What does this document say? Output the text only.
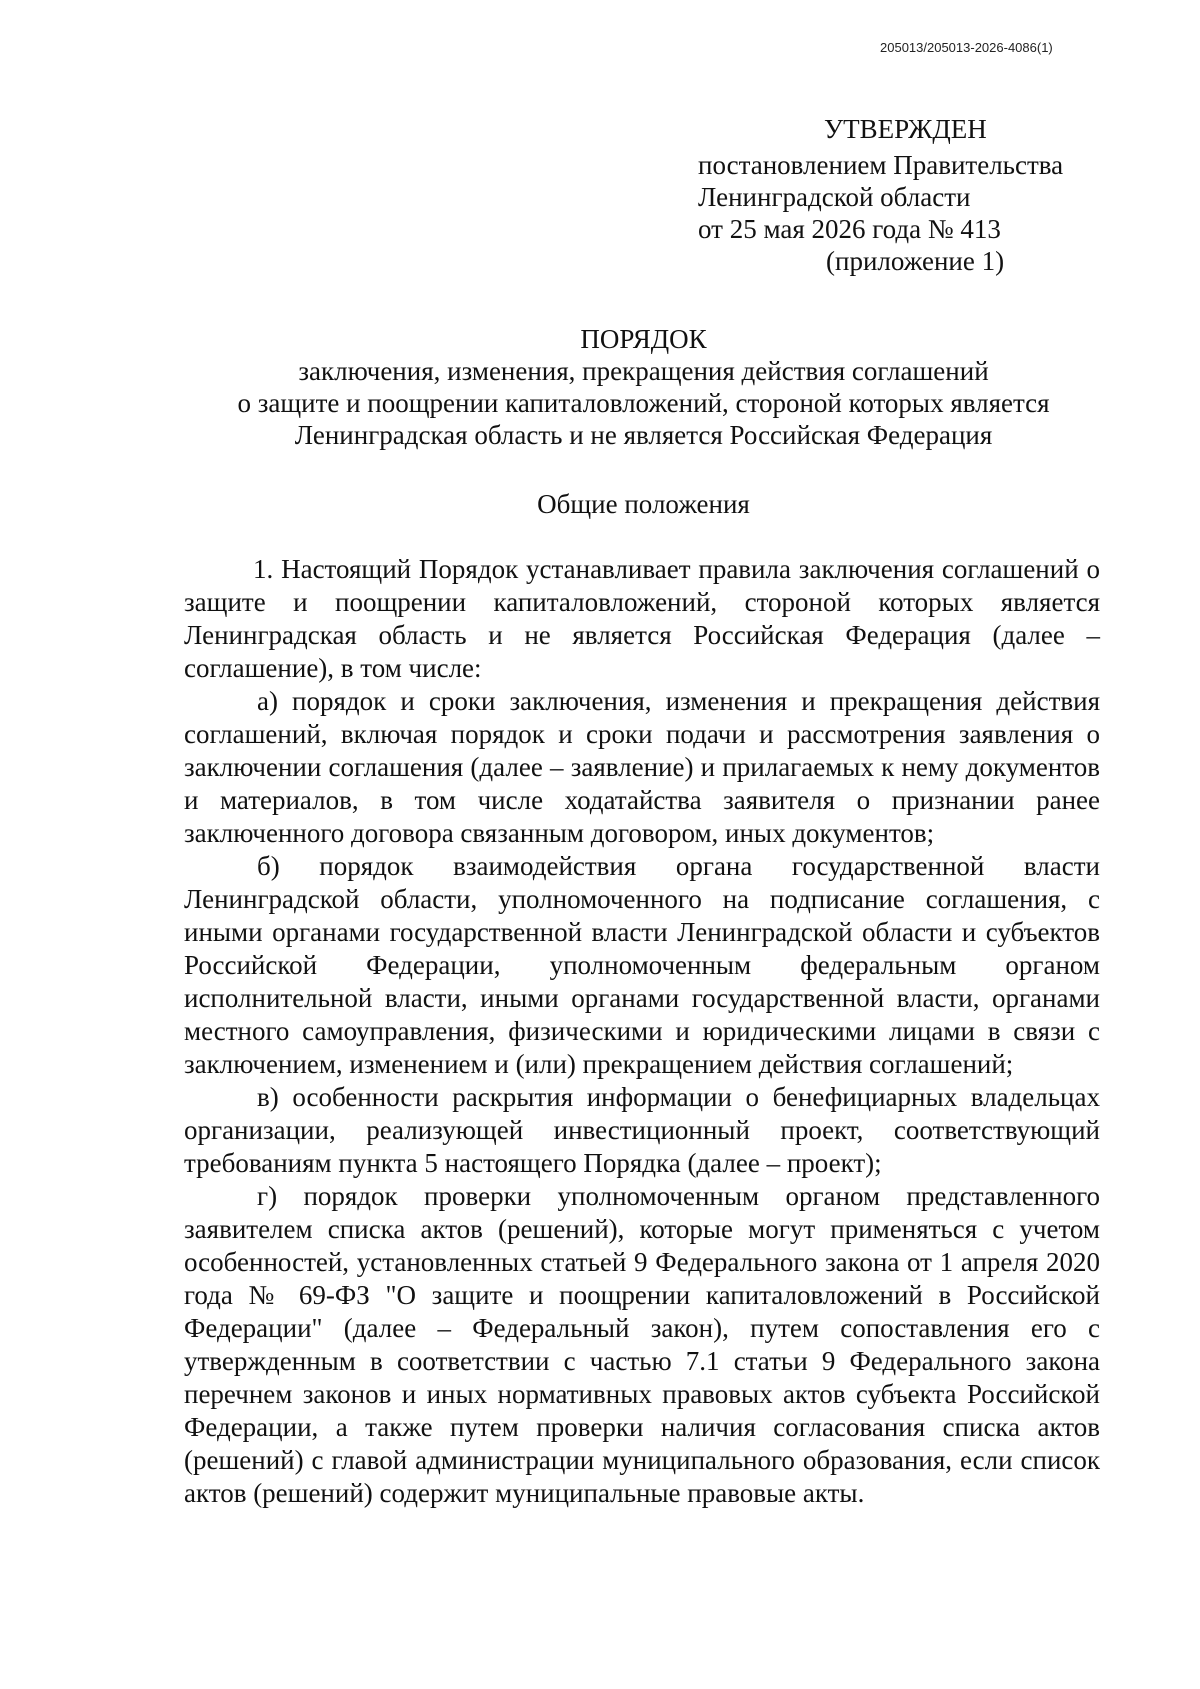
205013/205013-2026-4086(1)
УТВЕРЖДЕН
постановлением Правительства
Ленинградской области
от 25 мая 2026 года № 413
(приложение 1)
ПОРЯДОК
заключения, изменения, прекращения действия соглашений
о защите и поощрении капиталовложений, стороной которых является
Ленинградская область и не является Российская Федерация
Общие положения

1. Настоящий Порядок устанавливает правила заключения соглашений о защите и поощрении капиталовложений, стороной которых является Ленинградская область и не является Российская Федерация (далее – соглашение), в том числе:

а) порядок и сроки заключения, изменения и прекращения действия соглашений, включая порядок и сроки подачи и рассмотрения заявления о заключении соглашения (далее – заявление) и прилагаемых к нему документов и материалов, в том числе ходатайства заявителя о признании ранее заключенного договора связанным договором, иных документов;

б) порядок взаимодействия органа государственной власти Ленинградской области, уполномоченного на подписание соглашения, с иными органами государственной власти Ленинградской области и субъектов Российской Федерации, уполномоченным федеральным органом исполнительной власти, иными органами государственной власти, органами местного самоуправления, физическими и юридическими лицами в связи с заключением, изменением и (или) прекращением действия соглашений;

в) особенности раскрытия информации о бенефициарных владельцах организации, реализующей инвестиционный проект, соответствующий требованиям пункта 5 настоящего Порядка (далее – проект);

г) порядок проверки уполномоченным органом представленного заявителем списка актов (решений), которые могут применяться с учетом особенностей, установленных статьей 9 Федерального закона от 1 апреля 2020 года № 69-ФЗ "О защите и поощрении капиталовложений в Российской Федерации" (далее – Федеральный закон), путем сопоставления его с утвержденным в соответствии с частью 7.1 статьи 9 Федерального закона перечнем законов и иных нормативных правовых актов субъекта Российской Федерации, а также путем проверки наличия согласования списка актов (решений) с главой администрации муниципального образования, если список актов (решений) содержит муниципальные правовые акты.
